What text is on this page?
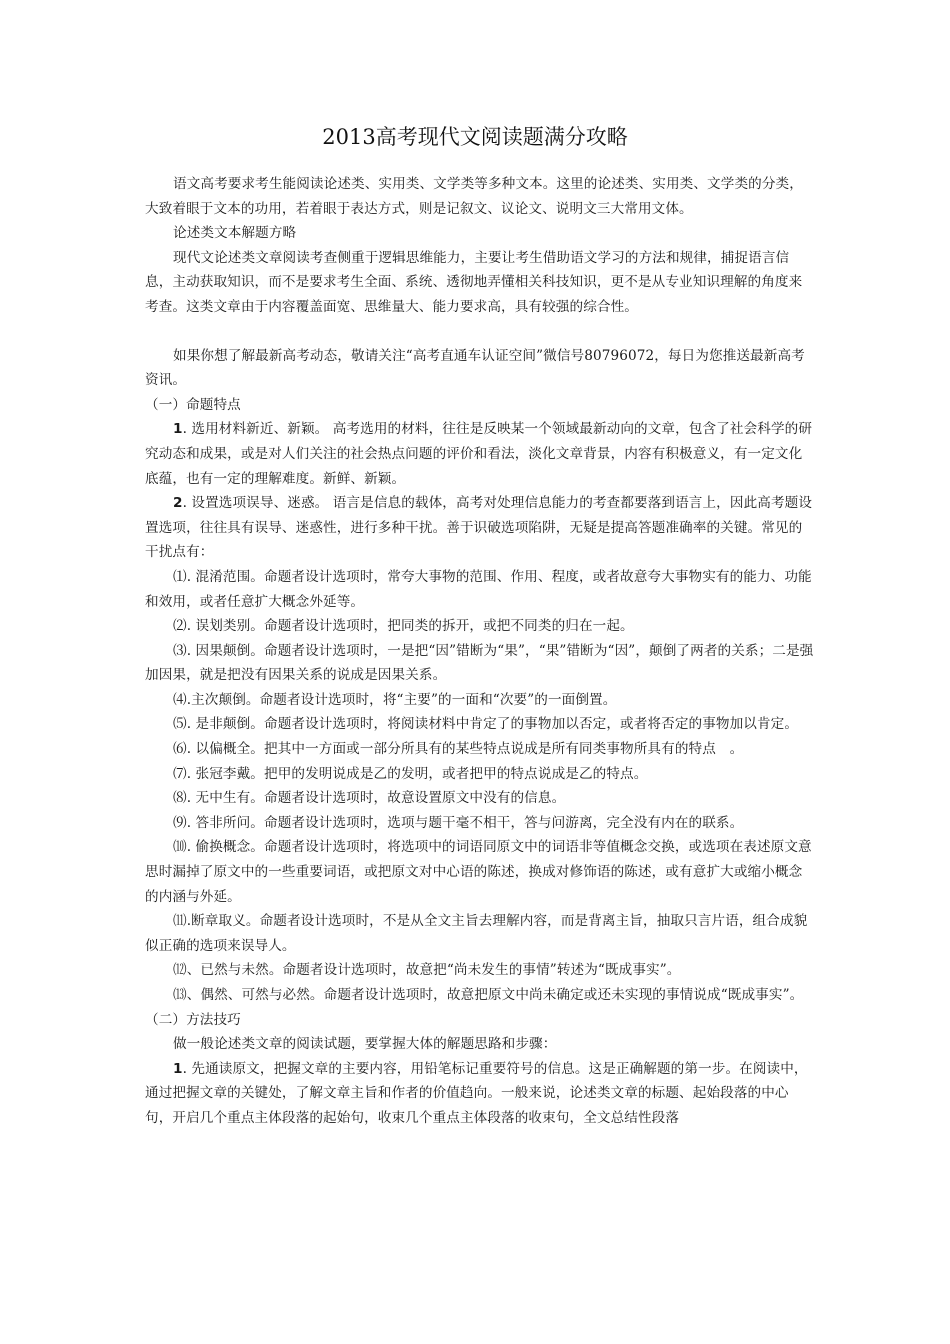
2013高考现代文阅读题满分攻略

语文高考要求考生能阅读论述类、实用类、文学类等多种文本。这里的论述类、实用类、文学类的分类，大致着眼于文本的功用，若着眼于表达方式，则是记叙文、议论文、说明文三大常用文体。

论述类文本解题方略

现代文论述类文章阅读考查侧重于逻辑思维能力，主要让考生借助语文学习的方法和规律，捕捉语言信息，主动获取知识，而不是要求考生全面、系统、透彻地弄懂相关科技知识，更不是从专业知识理解的角度来考查。这类文章由于内容覆盖面宽、思维量大、能力要求高，具有较强的综合性。

如果你想了解最新高考动态，敬请关注“高考直通车认证空间”微信号80796072，每日为您推送最新高考资讯。

（一）命题特点

1. 选用材料新近、新颖。 高考选用的材料，往往是反映某一个领域最新动向的文章，包含了社会科学的研究动态和成果，或是对人们关注的社会热点问题的评价和看法，淡化文章背景，内容有积极意义，有一定文化底蕴，也有一定的理解难度。新鲜、新颖。

2. 设置选项误导、迷惑。 语言是信息的载体，高考对处理信息能力的考查都要落到语言上，因此高考题设置选项，往往具有误导、迷惑性，进行多种干扰。善于识破选项陷阱，无疑是提高答题准确率的关键。常见的干扰点有：

⑴. 混淆范围。命题者设计选项时，常夸大事物的范围、作用、程度，或者故意夸大事物实有的能力、功能和效用，或者任意扩大概念外延等。

⑵. 误划类别。命题者设计选项时，把同类的拆开，或把不同类的归在一起。

⑶. 因果颠倒。命题者设计选项时，一是把“因”错断为“果”，“果”错断为“因”，颠倒了两者的关系；二是强加因果，就是把没有因果关系的说成是因果关系。

⑷.主次颠倒。命题者设计选项时，将“主要”的一面和“次要”的一面倒置。

⑸. 是非颠倒。命题者设计选项时，将阅读材料中肯定了的事物加以否定，或者将否定的事物加以肯定。

⑹. 以偏概全。把其中一方面或一部分所具有的某些特点说成是所有同类事物所具有的特点　。

⑺. 张冠李戴。把甲的发明说成是乙的发明，或者把甲的特点说成是乙的特点。

⑻. 无中生有。命题者设计选项时，故意设置原文中没有的信息。

⑼. 答非所问。命题者设计选项时，选项与题干毫不相干，答与问游离，完全没有内在的联系。

⑽. 偷换概念。命题者设计选项时，将选项中的词语同原文中的词语非等值概念交换，或选项在表述原文意思时漏掉了原文中的一些重要词语，或把原文对中心语的陈述，换成对修饰语的陈述，或有意扩大或缩小概念的内涵与外延。

⑾.断章取义。命题者设计选项时，不是从全文主旨去理解内容，而是背离主旨，抽取只言片语，组合成貌似正确的选项来误导人。

⑿、已然与未然。命题者设计选项时，故意把“尚未发生的事情”转述为“既成事实”。

⒀、偶然、可然与必然。命题者设计选项时，故意把原文中尚未确定或还未实现的事情说成“既成事实”。

（二）方法技巧

做一般论述类文章的阅读试题，要掌握大体的解题思路和步骤：

1. 先通读原文，把握文章的主要内容，用铅笔标记重要符号的信息。这是正确解题的第一步。在阅读中，通过把握文章的关键处，了解文章主旨和作者的价值趋向。一般来说，论述类文章的标题、起始段落的中心句，开启几个重点主体段落的起始句，收束几个重点主体段落的收束句，全文总结性段落
